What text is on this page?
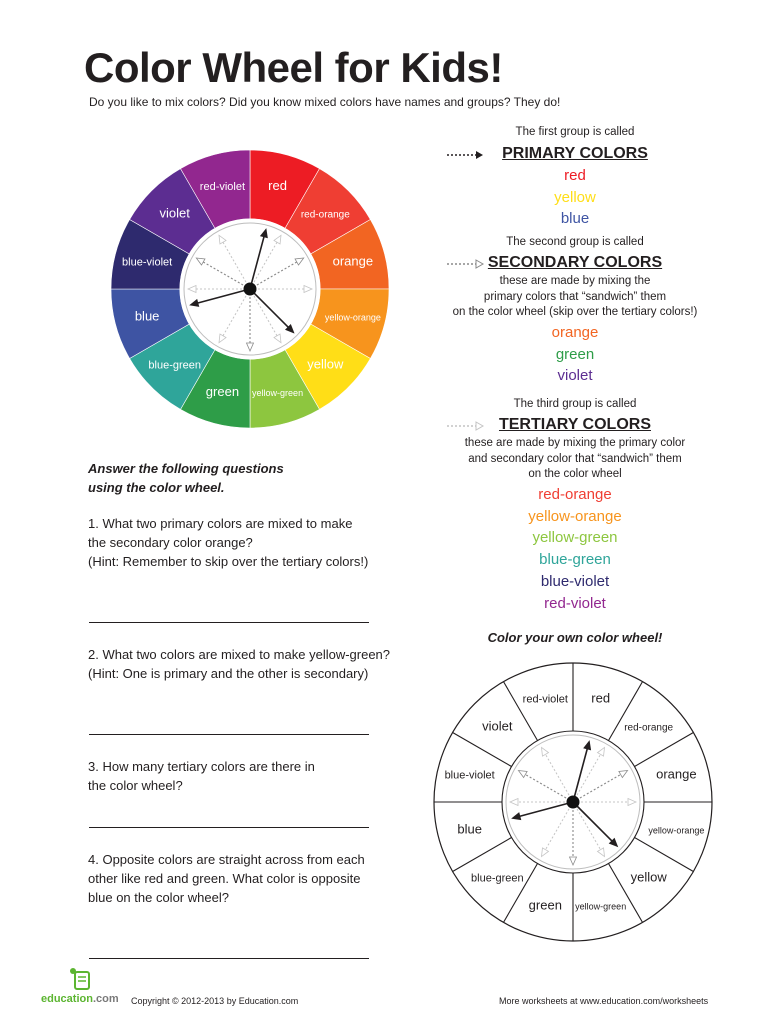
Color Wheel for Kids!
Do you like to mix colors? Did you know mixed colors have names and groups? They do!
red
red-orange
orange
yellow-orange
yellow
yellow-green
green
blue-green
blue
blue-violet
violet
red-violet
The first group is called
PRIMARY COLORS
red
yellow
blue
The second group is called
SECONDARY COLORS
these are made by mixing the
primary colors that “sandwich” them
on the color wheel (skip over the tertiary colors!)
orange
green
violet
The third group is called
TERTIARY COLORS
these are made by mixing the primary color
and secondary color that “sandwich” them
on the color wheel
red-orange
yellow-orange
yellow-green
blue-green
blue-violet
red-violet
Answer the following questions
using the color wheel.
1. What two primary colors are mixed to make
the secondary color orange?
(Hint: Remember to skip over the tertiary colors!)
2. What two colors are mixed to make yellow-green?
(Hint: One is primary and the other is secondary)
3. How many tertiary colors are there in
the color wheel?
4. Opposite colors are straight across from each
other like red and green. What color is opposite
blue on the color wheel?
Color your own color wheel!
red
red-orange
orange
yellow-orange
yellow
yellow-green
green
blue-green
blue
blue-violet
violet
red-violet
education.com Copyright © 2012-2013 by Education.com	More worksheets at www.education.com/worksheets
